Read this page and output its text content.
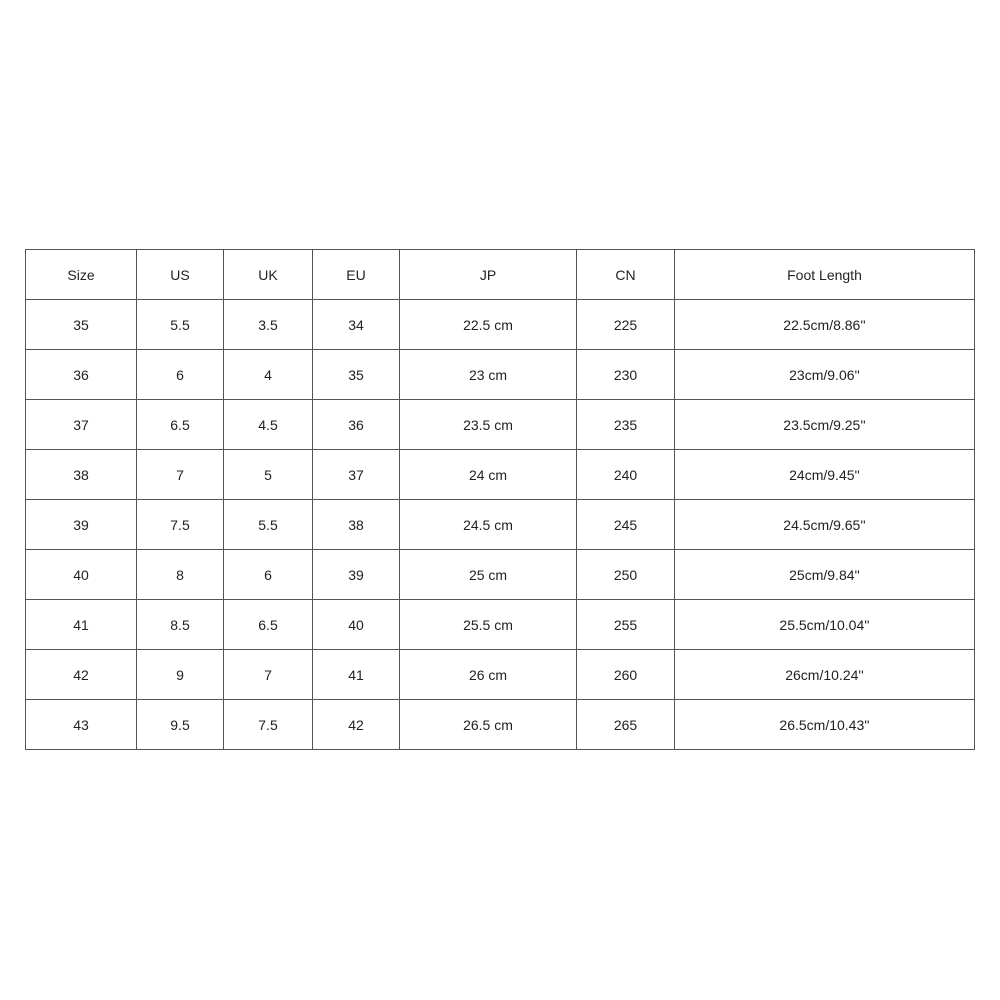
Size	US	UK	EU	JP	CN	Foot Length
35	5.5	3.5	34	22.5 cm	225	22.5cm/8.86''
36	6	4	35	23 cm	230	23cm/9.06''
37	6.5	4.5	36	23.5 cm	235	23.5cm/9.25''
38	7	5	37	24 cm	240	24cm/9.45''
39	7.5	5.5	38	24.5 cm	245	24.5cm/9.65''
40	8	6	39	25 cm	250	25cm/9.84''
41	8.5	6.5	40	25.5 cm	255	25.5cm/10.04''
42	9	7	41	26 cm	260	26cm/10.24''
43	9.5	7.5	42	26.5 cm	265	26.5cm/10.43''
